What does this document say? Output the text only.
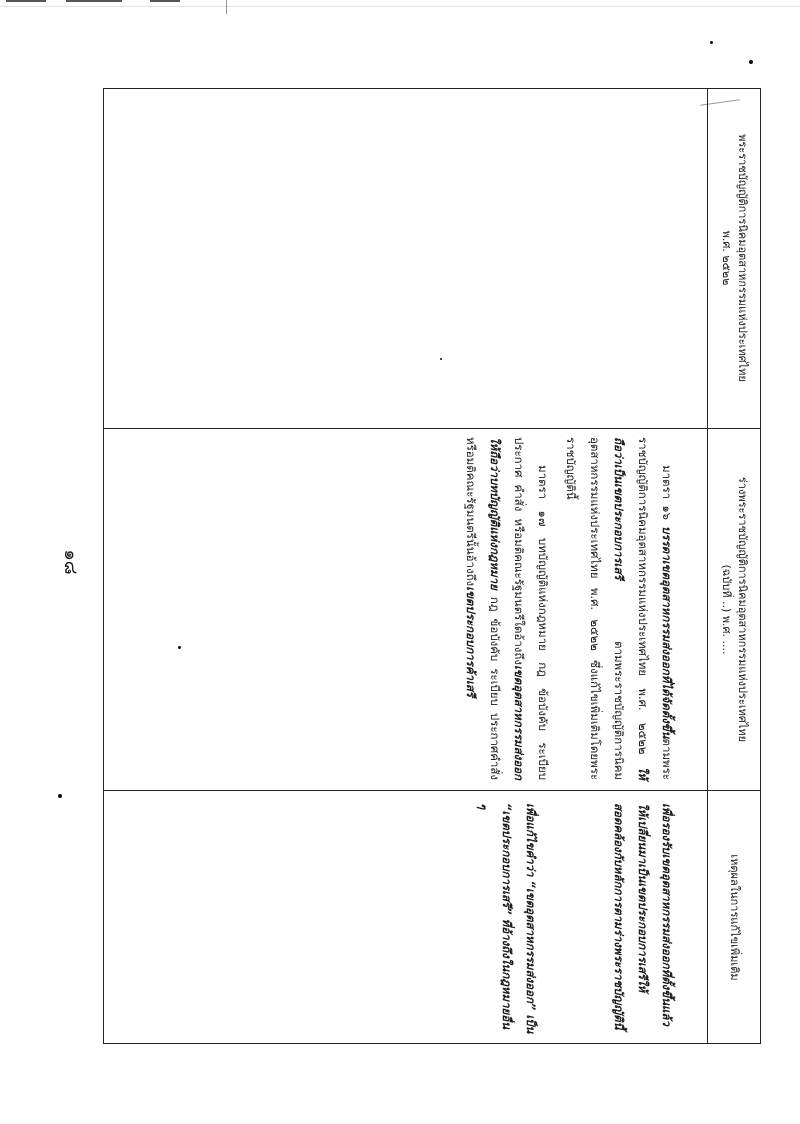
๑๘
พระราชบัญญัติการนิคมอุตสาหกรรมแห่งประเทศไทย
พ.ศ. ๒๕๒๒
ร่างพระราชบัญญัติการนิคมอุตสาหกรรมแห่งประเทศไทย
(ฉบับที่ ..) พ.ศ. ....

มาตรา ๑๖ บรรดาเขตอุตสาหกรรมส่งออกที่ได้จัดตั้งขึ้นตามพระราชบัญญัติการนิคมอุตสาหกรรมแห่งประเทศไทย พ.ศ. ๒๕๒๒ ให้ถือว่าเป็นเขตประกอบการเสรี ตามพระราชบัญญัติการนิคมอุตสาหกรรมแห่งประเทศไทย พ.ศ. ๒๕๒๒ ซึ่งแก้ไขเพิ่มเติมโดยพระราชบัญญัตินี้

มาตรา ๑๗ บทบัญญัติแห่งกฎหมาย กฎ ข้อบังคับ ระเบียบ ประกาศ คำสั่ง หรือมติคณะรัฐมนตรีใดอ้างถึงเขตอุตสาหกรรมส่งออกให้ถือว่าบทบัญญัติแห่งกฎหมาย กฎ ข้อบังคับ ระเบียบ ประกาศคำสั่ง หรือมติคณะรัฐมนตรีนั้นอ้างถึงเขตประกอบการค้าเสรี

เหตุผลในการแก้ไขเพิ่มเติม
เพื่อรองรับเขตอุตสาหกรรมส่งออกที่ตั้งขึ้นแล้วให้เปลี่ยนมาเป็นเขตประกอบการเสรีให้สอดคล้องกับหลักการตามร่างพระราชบัญญัตินี้
เพื่อแก้ไขคำว่า “เขตอุตสาหกรรมส่งออก” เป็น “เขตประกอบการเสรี” ที่อ้างถึงในกฎหมายอื่น ๆ
